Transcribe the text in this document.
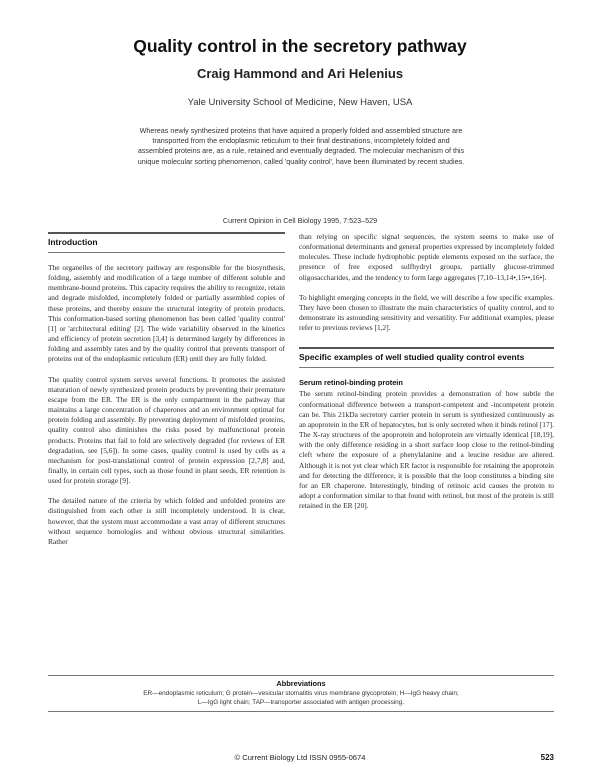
Quality control in the secretory pathway
Craig Hammond and Ari Helenius
Yale University School of Medicine, New Haven, USA
Whereas newly synthesized proteins that have aquired a properly folded and assembled structure are transported from the endoplasmic reticulum to their final destinations, incompletely folded and assembled proteins are, as a rule, retained and eventually degraded. The molecular mechanism of this unique molecular sorting phenomenon, called 'quality control', have been illuminated by recent studies.
Current Opinion in Cell Biology 1995, 7:523–529
Introduction

The organelles of the secretory pathway are responsible for the biosynthesis, folding, assembly and modification of a large number of different soluble and membrane-bound proteins. This capacity requires the ability to recognize, retain and degrade misfolded, incompletely folded or partially assembled copies of these proteins, and thereby ensure the structural integrity of protein products. This conformation-based sorting phenomenon has been called 'quality control' [1] or 'architectural editing' [2]. The wide variability observed in the kinetics and efficiency of protein secretion [3,4] is determined largely by differences in folding and assembly rates and by the quality control that prevents transport of proteins out of the endoplasmic reticulum (ER) until they are fully folded.

The quality control system serves several functions. It promotes the assisted maturation of newly synthesized protein products by preventing their premature escape from the ER. The ER is the only compartment in the pathway that maintains a large concentration of chaperones and an environment optimal for protein folding and assembly. By preventing deployment of misfolded proteins, quality control also diminishes the risks posed by malfunctional protein products. Proteins that fail to fold are selectively degraded (for reviews of ER degradation, see [5,6]). In some cases, quality control is used by cells as a mechanism for post-translational control of protein expression [2,7,8] and, finally, in certain cell types, such as those found in plant seeds, ER retention is used for protein storage [9].

The detailed nature of the criteria by which folded and unfolded proteins are distinguished from each other is still incompletely understood. It is clear, however, that the system must accommodate a vast array of different structures without sequence homologies and without obvious structural similarities. Rather

than relying on specific signal sequences, the system seems to make use of conformational determinants and general properties expressed by incompletely folded molecules. These include hydrophobic peptide elements exposed on the surface, the presence of free exposed sulfhydryl groups, partially glucose-trimmed oligosaccharides, and the tendency to form large aggregates [7,10–13,14•,15••,16•].

To highlight emerging concepts in the field, we will describe a few specific examples. They have been chosen to illustrate the main characteristics of quality control, and to demonstrate its astounding sensitivity and versatility. For additional examples, please refer to previous reviews [1,2].

Specific examples of well studied quality control events
Serum retinol-binding protein

The serum retinol-binding protein provides a demonstration of how subtle the conformational difference between a transport-competent and -incompetent protein can be. This 21kDa secretory carrier protein in serum is synthesized continuously as an apoprotein in the ER of hepatocytes, but is only secreted when it binds retinol [17]. The X-ray structures of the apoprotein and holoprotein are virtually identical [18,19], with the only difference residing in a short surface loop close to the retinol-binding cleft where the exposure of a phenylalanine and a leucine residue are altered. Although it is not yet clear which ER factor is responsible for retaining the apoprotein and for detecting the difference, it is possible that the loop constitutes a binding site for an ER chaperone. Interestingly, binding of retinoic acid causes the protein to adopt a conformation similar to that found with retinol, but most of the protein is still retained in the ER [20].

Abbreviations
ER—endoplasmic reticulum; G protein—vesicular stomatitis virus membrane glycoprotein; H—IgG heavy chain;
L—IgG light chain; TAP—transporter associated with antigen processing.
© Current Biology Ltd ISSN 0955-0674	523
